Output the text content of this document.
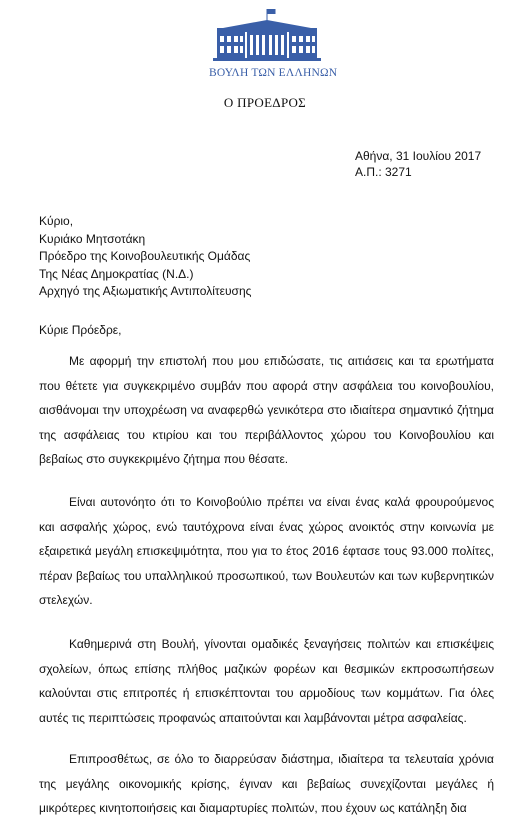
ΒΟΥΛΗ ΤΩΝ ΕΛΛΗΝΩΝ
Ο ΠΡΟΕΔΡΟΣ
Αθήνα, 31 Ιουλίου 2017
Α.Π.: 3271
Κύριο,
Κυριάκο Μητσοτάκη
Πρόεδρο της Κοινοβουλευτικής Ομάδας
Της Νέας Δημοκρατίας (Ν.Δ.)
Αρχηγό της Αξιωματικής Αντιπολίτευσης
Κύριε Πρόεδρε,

Με αφορμή την επιστολή που μου επιδώσατε, τις αιτιάσεις και τα ερωτήματα που θέτετε για συγκεκριμένο συμβάν που αφορά στην ασφάλεια του κοινοβουλίου, αισθάνομαι την υποχρέωση να αναφερθώ γενικότερα στο ιδιαίτερα σημαντικό ζήτημα της ασφάλειας του κτιρίου και του περιβάλλοντος χώρου του Κοινοβουλίου και βεβαίως στο συγκεκριμένο ζήτημα που θέσατε.

Είναι αυτονόητο ότι το Κοινοβούλιο πρέπει να είναι ένας καλά φρουρούμενος και ασφαλής χώρος, ενώ ταυτόχρονα είναι ένας χώρος ανοικτός στην κοινωνία με εξαιρετικά μεγάλη επισκεψιμότητα, που για το έτος 2016 έφτασε τους 93.000 πολίτες, πέραν βεβαίως του υπαλληλικού προσωπικού, των Βουλευτών και των κυβερνητικών στελεχών.

Καθημερινά στη Βουλή, γίνονται ομαδικές ξεναγήσεις πολιτών και επισκέψεις σχολείων, όπως επίσης πλήθος μαζικών φορέων και θεσμικών εκπροσωπήσεων καλούνται στις επιτροπές ή επισκέπτονται του αρμοδίους των κομμάτων. Για όλες αυτές τις περιπτώσεις προφανώς απαιτούνται και λαμβάνονται μέτρα ασφαλείας.

Επιπροσθέτως, σε όλο το διαρρεύσαν διάστημα, ιδιαίτερα τα τελευταία χρόνια της μεγάλης οικονομικής κρίσης, έγιναν και βεβαίως συνεχίζονται μεγάλες ή μικρότερες κινητοποιήσεις και διαμαρτυρίες πολιτών, που έχουν ως κατάληξη δια
